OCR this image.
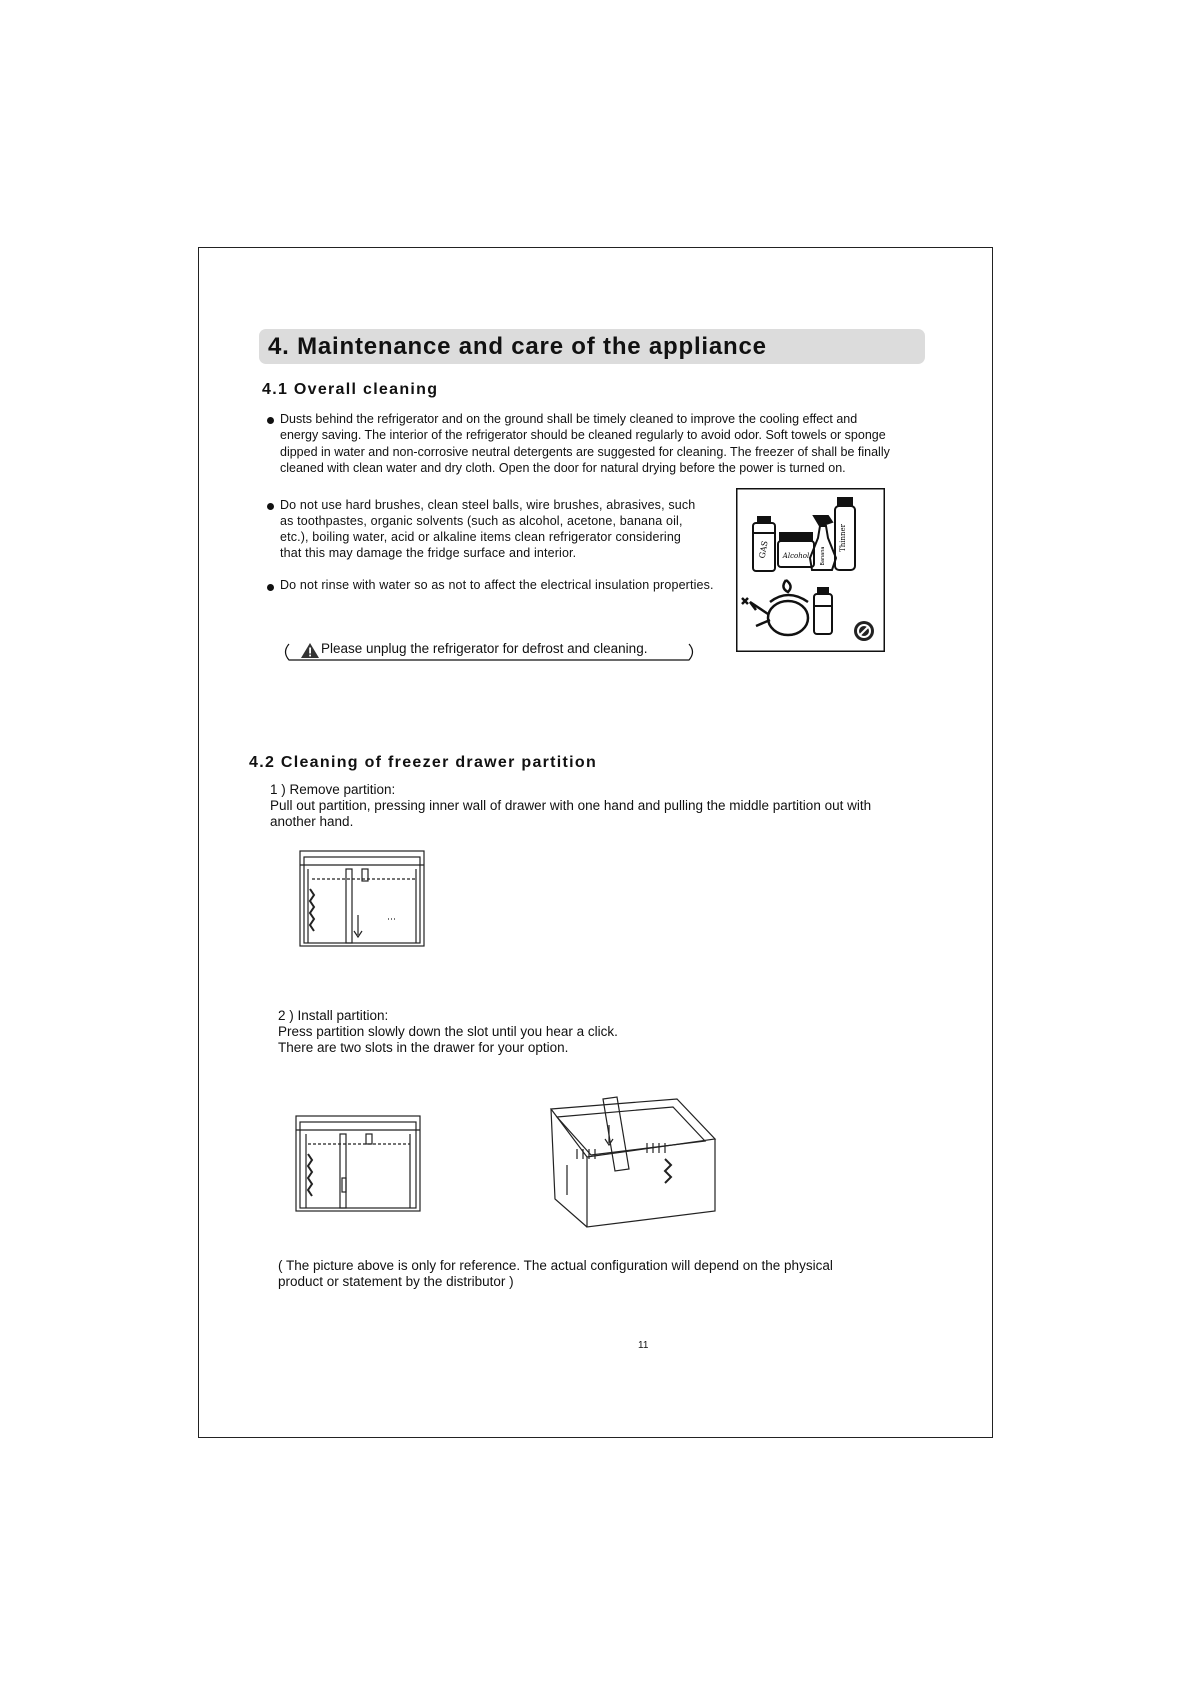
4. Maintenance and care of the appliance
4.1 Overall cleaning
Dusts behind the refrigerator and on the ground shall be timely cleaned to improve the cooling effect and energy saving. The interior of the refrigerator should be cleaned regularly to avoid odor. Soft towels or sponge dipped in water and non-corrosive neutral detergents are suggested for cleaning. The freezer of shall be finally cleaned with clean water and dry cloth. Open the door for natural drying before the power is turned on.
Do not use hard brushes, clean steel balls, wire brushes, abrasives, such as toothpastes, organic solvents (such as alcohol, acetone, banana oil, etc.), boiling water, acid or alkaline items clean refrigerator considering that this may damage the fridge surface and interior.
Do not rinse with water so as not to affect the electrical insulation properties.
Please unplug the refrigerator for defrost and cleaning.
GAS Alcohol Banana
Thinner
4.2 Cleaning of freezer drawer partition
1 ) Remove partition:
Pull out partition, pressing inner wall of drawer with one hand and pulling the middle partition out with another hand.
2 ) Install partition:
Press partition slowly down the slot until you hear a click.
There are two slots in the drawer for your option.
( The picture above is only for reference. The actual configuration will depend on the physical product or statement by the distributor )
11
